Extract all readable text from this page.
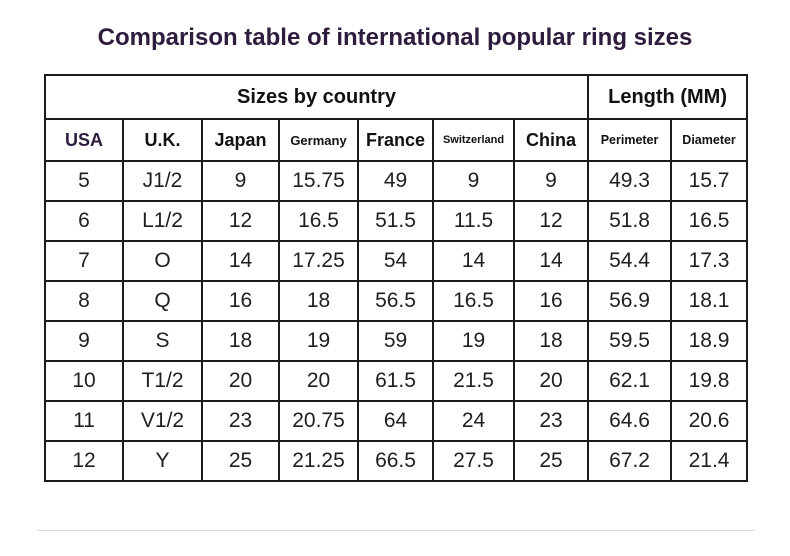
Comparison table of international popular ring sizes
Sizes by country							Length (MM)	
USA	U.K.	Japan	Germany	France	Switzerland	China	Perimeter	Diameter
5	J1/2	9	15.75	49	9	9	49.3	15.7
6	L1/2	12	16.5	51.5	11.5	12	51.8	16.5
7	O	14	17.25	54	14	14	54.4	17.3
8	Q	16	18	56.5	16.5	16	56.9	18.1
9	S	18	19	59	19	18	59.5	18.9
10	T1/2	20	20	61.5	21.5	20	62.1	19.8
11	V1/2	23	20.75	64	24	23	64.6	20.6
12	Y	25	21.25	66.5	27.5	25	67.2	21.4
